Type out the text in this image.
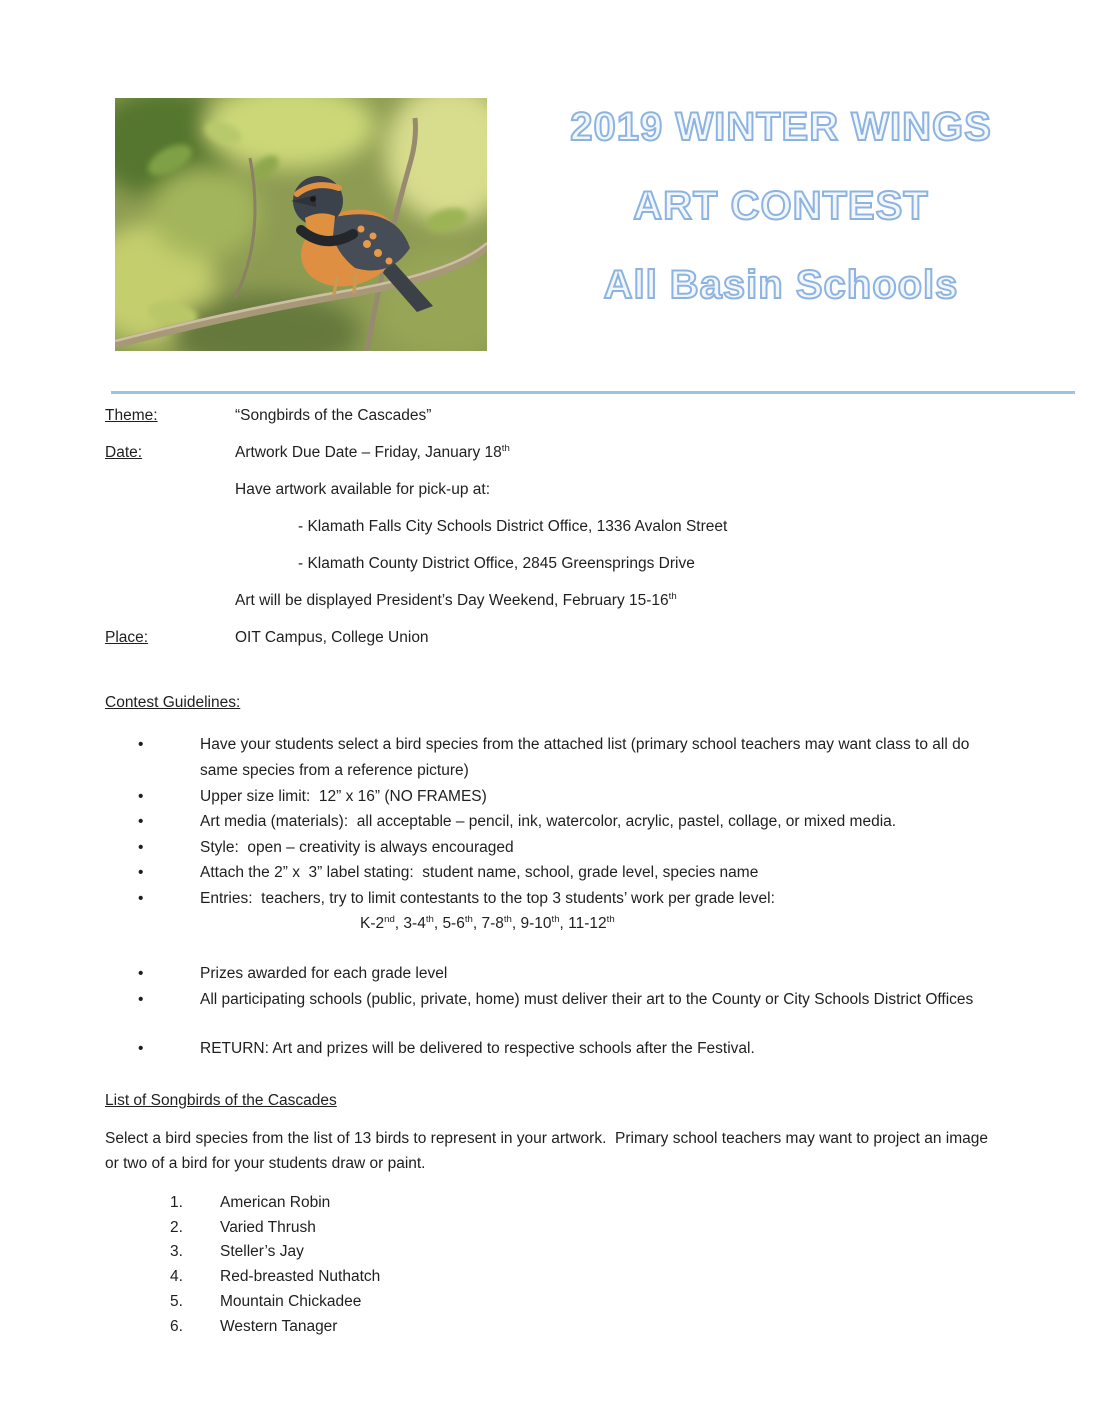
2019 WINTER WINGS
ART CONTEST
All Basin Schools
Theme:	“Songbirds of the Cascades”
Date:	Artwork Due Date – Friday, January 18th
Have artwork available for pick-up at:
- Klamath Falls City Schools District Office, 1336 Avalon Street
- Klamath County District Office, 2845 Greensprings Drive
Art will be displayed President’s Day Weekend, February 15-16th
Place:	OIT Campus, College Union
Contest Guidelines:
• Have your students select a bird species from the attached list (primary school teachers may want class to all do same species from a reference picture)
• Upper size limit:  12” x 16” (NO FRAMES)
• Art media (materials):  all acceptable – pencil, ink, watercolor, acrylic, pastel, collage, or mixed media.
• Style:  open – creativity is always encouraged
• Attach the 2” x  3” label stating:  student name, school, grade level, species name
• Entries:  teachers, try to limit contestants to the top 3 students’ work per grade level:
K-2nd, 3-4th, 5-6th, 7-8th, 9-10th, 11-12th
• Prizes awarded for each grade level
• All participating schools (public, private, home) must deliver their art to the County or City Schools District Offices
• RETURN: Art and prizes will be delivered to respective schools after the Festival.
List of Songbirds of the Cascades

Select a bird species from the list of 13 birds to represent in your artwork.  Primary school teachers may want to project an image or two of a bird for your students draw or paint.

American Robin
Varied Thrush
Steller’s Jay
Red-breasted Nuthatch
Mountain Chickadee
Western Tanager
